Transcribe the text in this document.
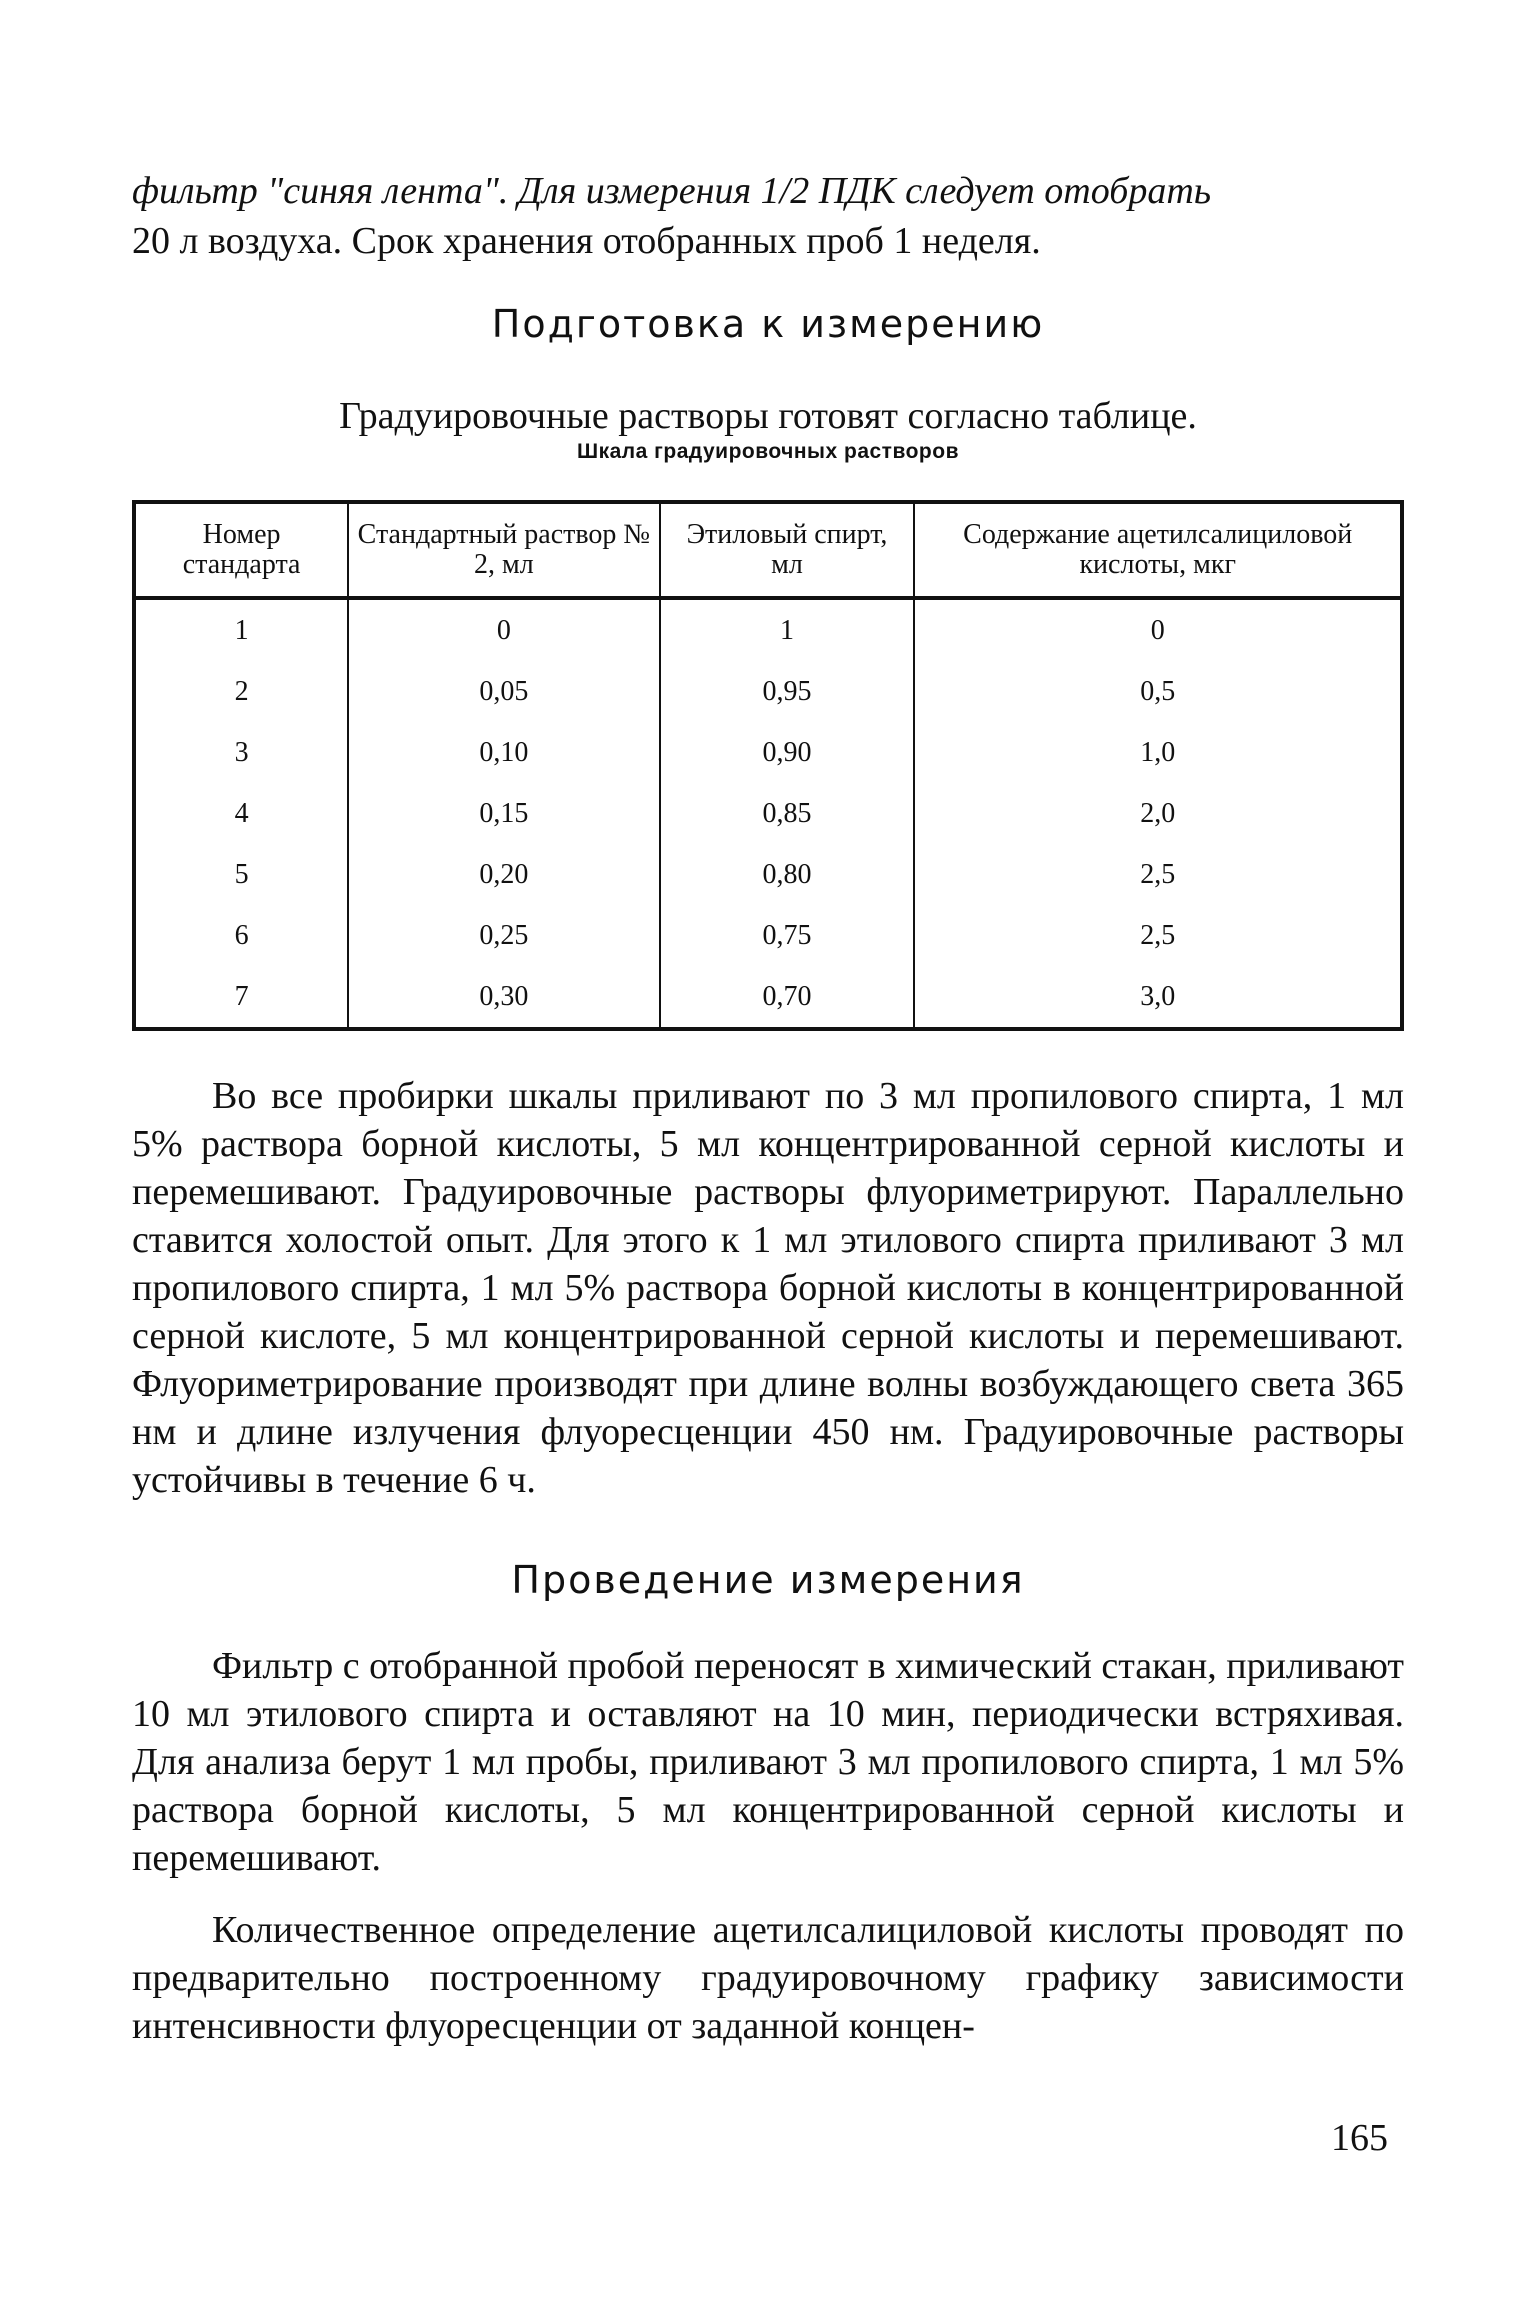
фильтр "синяя лента". Для измерения 1/2 ПДК следует отобрать
20 л воздуха. Срок хранения отобранных проб 1 неделя.
Подготовка к измерению
Градуиро⁠⁠вочные растворы готовят согласно таблице.
Шкала градуировочных растворов
Номер стандарта	Стандартный раствор № 2, мл	Этиловый спирт, мл	Содержание ацетилсалициловой кислоты, мкг
1	0	1	0
2	0,05	0,95	0,5
3	0,10	0,90	1,0
4	0,15	0,85	2,0
5	0,20	0,80	2,5
6	0,25	0,75	2,5
7	0,30	0,70	3,0

Во все пробирки шкалы приливают по 3 мл пропилового спирта, 1 мл 5% раствора борной кислоты, 5 мл концентрированной серной кислоты и перемешивают. Градуировочные растворы флуориметрируют. Параллельно ставится холостой опыт. Для этого к 1 мл этилового спирта приливают 3 мл пропилового спирта, 1 мл 5% раствора борной кислоты в концентрированной серной кислоте, 5 мл концентрированной серной кислоты и перемешивают. Флуориметрирование производят при длине волны возбуждающего света 365 нм и длине излучения флуоресценции 450 нм. Градуировочные растворы устойчивы в течение 6 ч.

Проведение измерения

Фильтр с отобранной пробой переносят в химический стакан, приливают 10 мл этилового спирта и оставляют на 10 мин, периодически встряхивая. Для анализа берут 1 мл пробы, приливают 3 мл пропилового спирта, 1 мл 5% раствора борной кислоты, 5 мл концентрированной серной кислоты и перемешивают.

Количественное определение ацетилсалициловой кислоты проводят по предварительно построенному градуировочному графику зависимости интенсивности флуоресценции от заданной концен-

165
